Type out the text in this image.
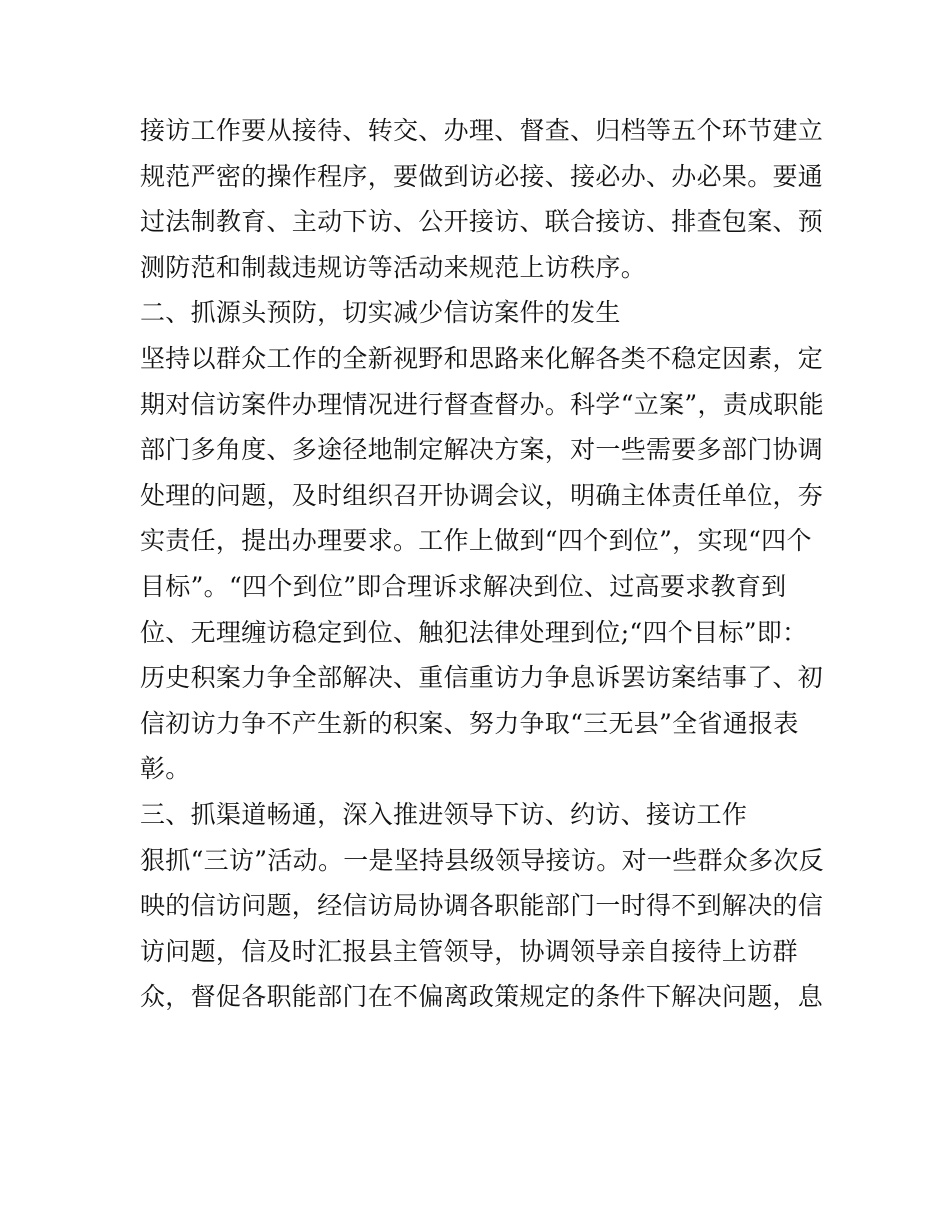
接访工作要从接待、转交、办理、督查、归档等五个环节建立
规范严密的操作程序，要做到访必接、接必办、办必果。要通
过法制教育、主动下访、公开接访、联合接访、排查包案、预
测防范和制裁违规访等活动来规范上访秩序。
二、抓源头预防，切实减少信访案件的发生
坚持以群众工作的全新视野和思路来化解各类不稳定因素，定
期对信访案件办理情况进行督查督办。科学“立案”，责成职能
部门多角度、多途径地制定解决方案，对一些需要多部门协调
处理的问题，及时组织召开协调会议，明确主体责任单位，夯
实责任，提出办理要求。工作上做到“四个到位”，实现“四个
目标”。“四个到位”即合理诉求解决到位、过高要求教育到
位、无理缠访稳定到位、触犯法律处理到位;“四个目标”即：
历史积案力争全部解决、重信重访力争息诉罢访案结事了、初
信初访力争不产生新的积案、努力争取“三无县”全省通报表
彰。
三、抓渠道畅通，深入推进领导下访、约访、接访工作
狠抓“三访”活动。一是坚持县级领导接访。对一些群众多次反
映的信访问题，经信访局协调各职能部门一时得不到解决的信
访问题，信及时汇报县主管领导，协调领导亲自接待上访群
众，督促各职能部门在不偏离政策规定的条件下解决问题，息
